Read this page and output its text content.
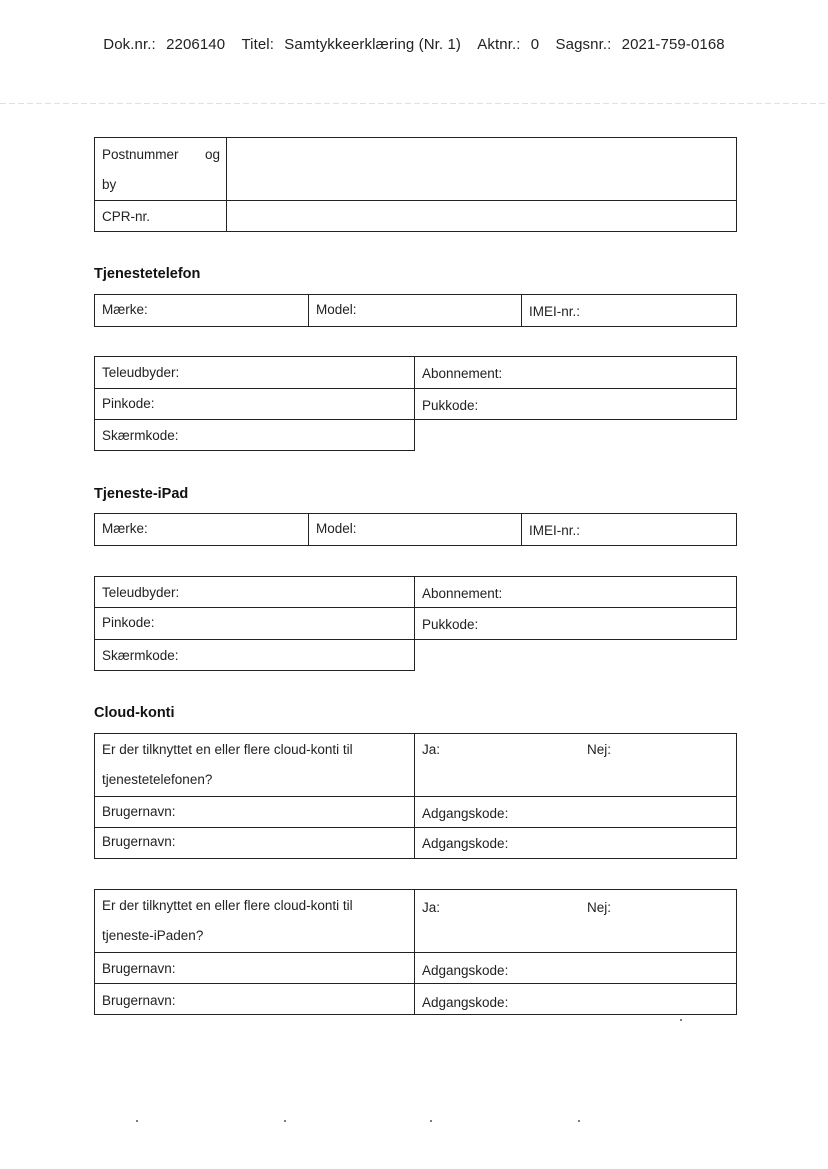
Dok.nr.: 2206140 Titel: Samtykkeerklæring (Nr. 1) Aktnr.: 0 Sagsnr.: 2021-759-0168
Postnummer og
by
CPR-nr.
Tjenestetelefon
Mærke:	Model:	IMEI-nr.:
Teleudbyder:	Abonnement:
Pinkode:	Pukkode:
Skærmkode:
Tjeneste-iPad
Mærke:	Model:	IMEI-nr.:
Teleudbyder:	Abonnement:
Pinkode:	Pukkode:
Skærmkode:
Cloud-konti
Er der tilknyttet en eller flere cloud-konti til
tjenestetelefonen?
Ja:	Nej:
Brugernavn:	Adgangskode:
Brugernavn:	Adgangskode:
Er der tilknyttet en eller flere cloud-konti til
tjeneste-iPaden?
Ja:	Nej:
Brugernavn:	Adgangskode:
Brugernavn:	Adgangskode:
